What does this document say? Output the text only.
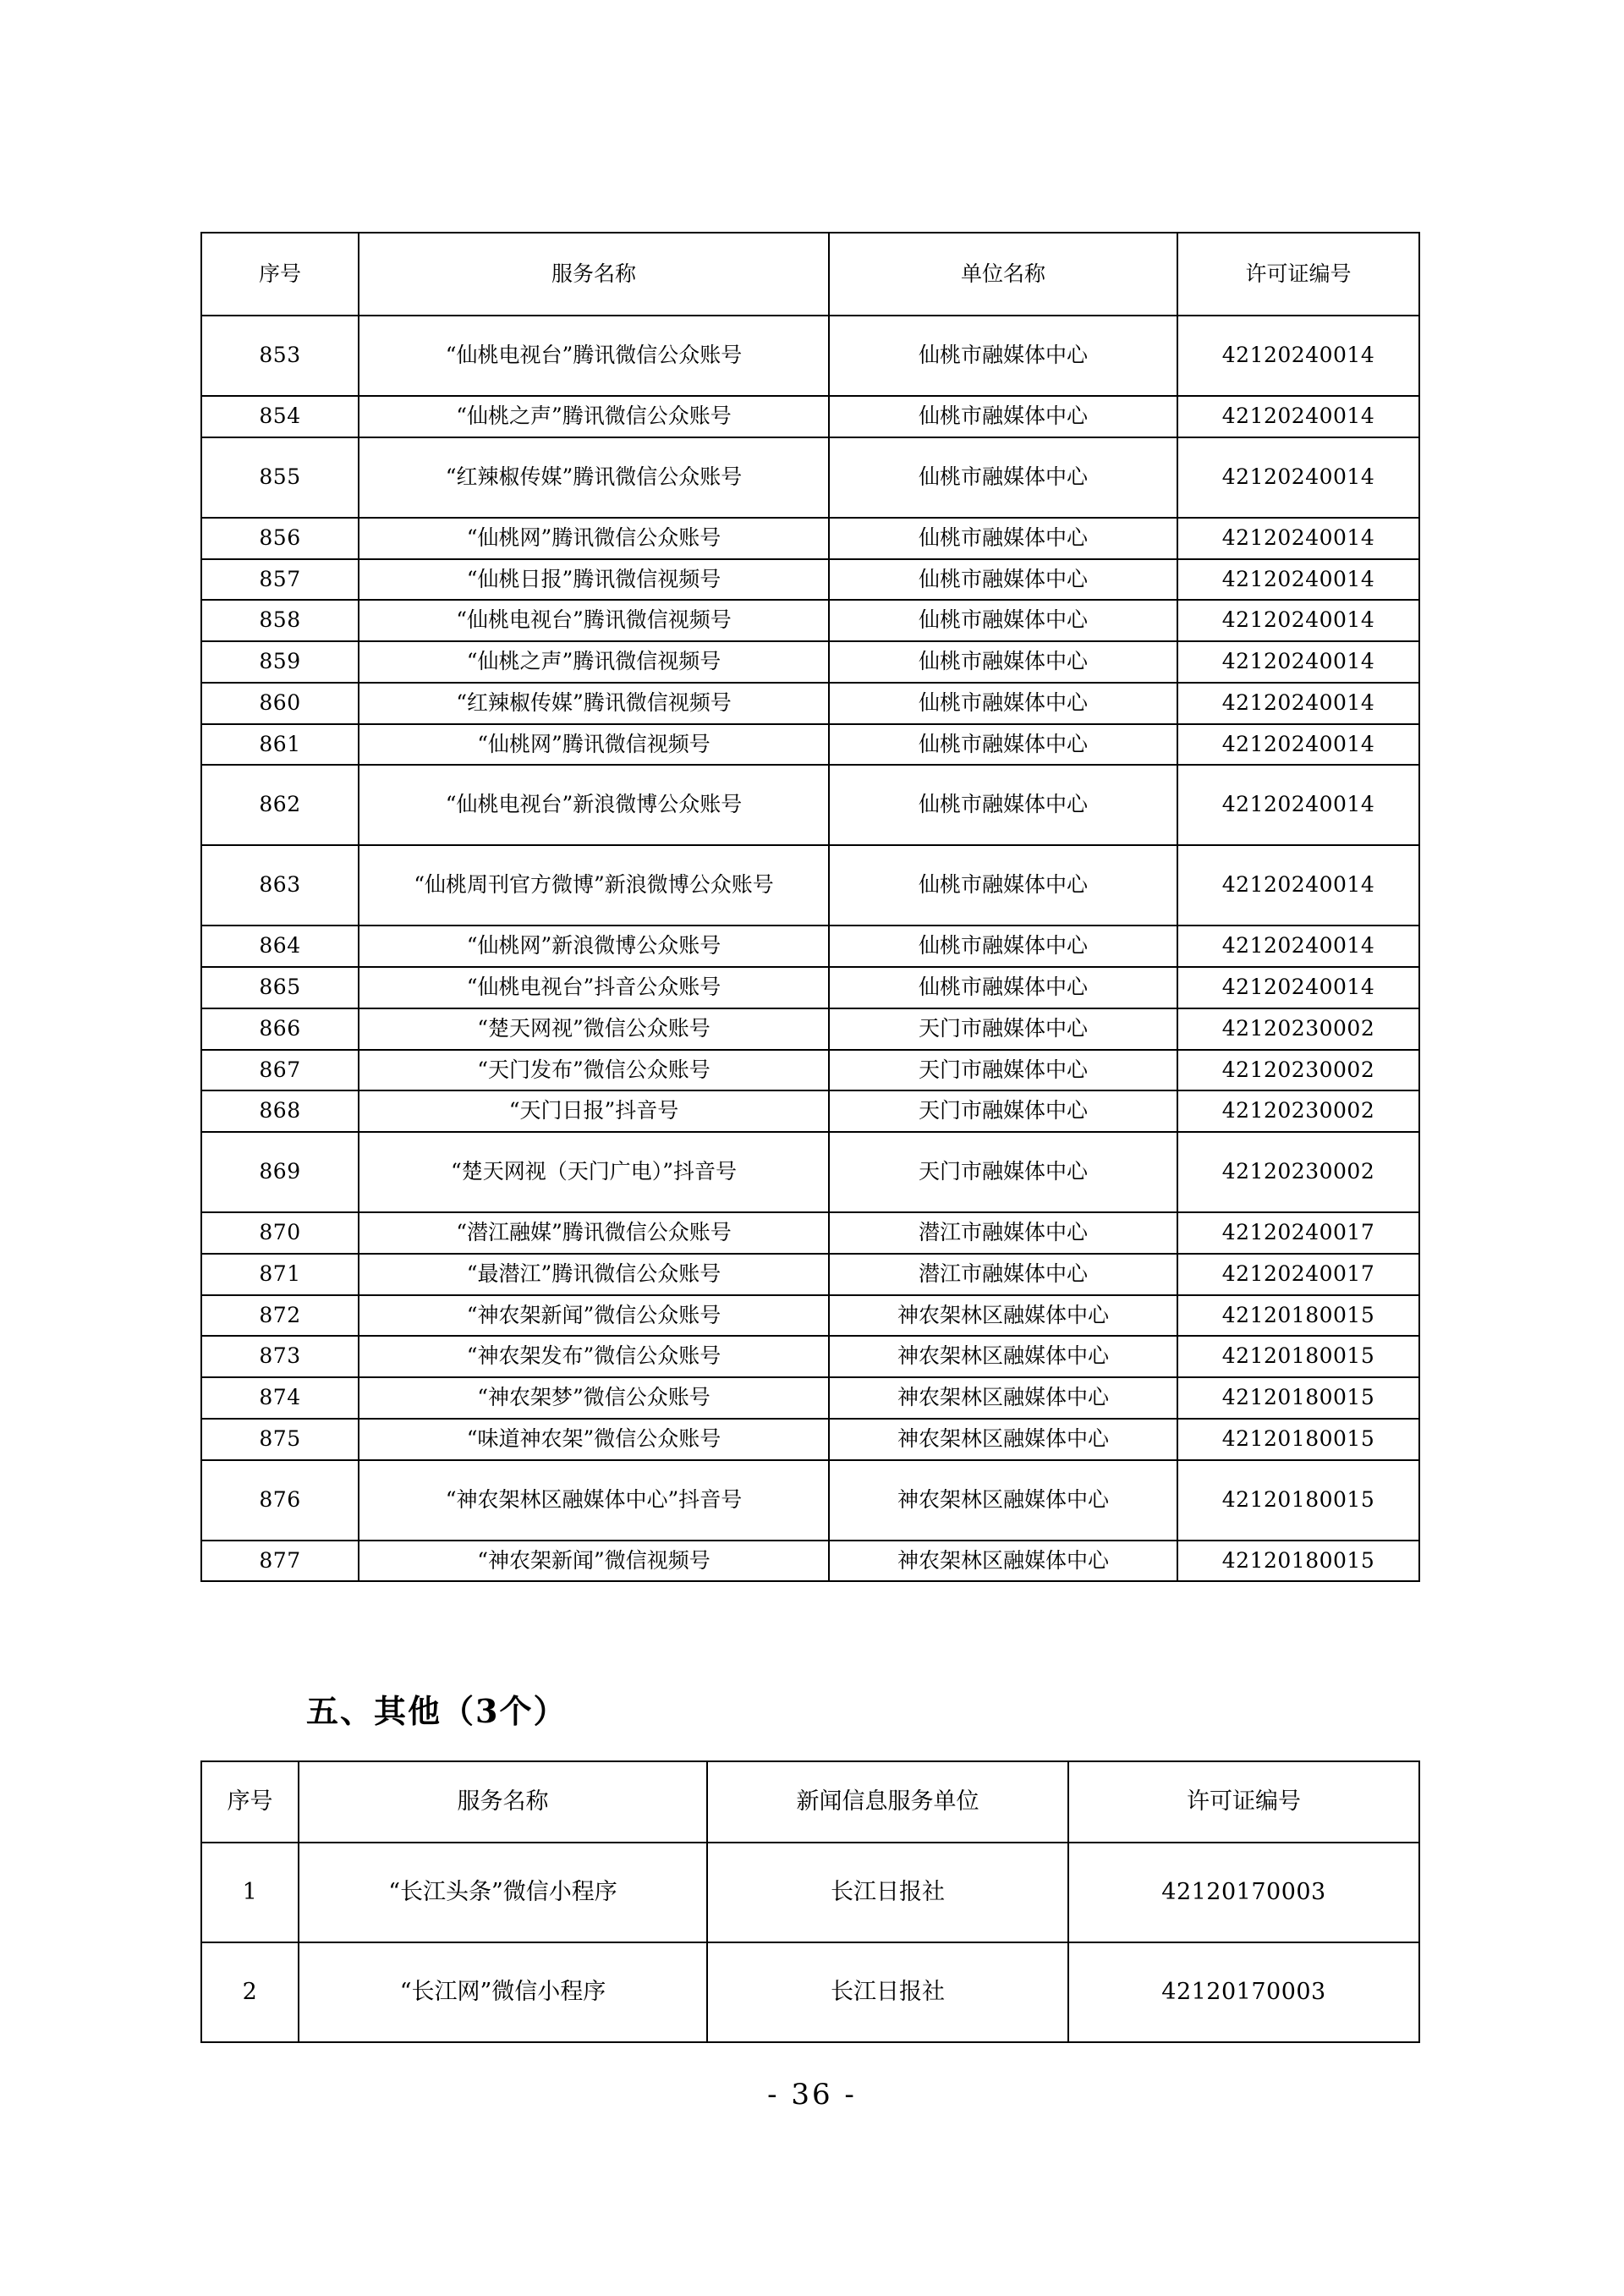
序号	服务名称	单位名称	许可证编号
853	“仙桃电视台”腾讯微信公众账号	仙桃市融媒体中心	42120240014
854	“仙桃之声”腾讯微信公众账号	仙桃市融媒体中心	42120240014
855	“红辣椒传媒”腾讯微信公众账号	仙桃市融媒体中心	42120240014
856	“仙桃网”腾讯微信公众账号	仙桃市融媒体中心	42120240014
857	“仙桃日报”腾讯微信视频号	仙桃市融媒体中心	42120240014
858	“仙桃电视台”腾讯微信视频号	仙桃市融媒体中心	42120240014
859	“仙桃之声”腾讯微信视频号	仙桃市融媒体中心	42120240014
860	“红辣椒传媒”腾讯微信视频号	仙桃市融媒体中心	42120240014
861	“仙桃网”腾讯微信视频号	仙桃市融媒体中心	42120240014
862	“仙桃电视台”新浪微博公众账号	仙桃市融媒体中心	42120240014
863	“仙桃周刊官方微博”新浪微博公众账号	仙桃市融媒体中心	42120240014
864	“仙桃网”新浪微博公众账号	仙桃市融媒体中心	42120240014
865	“仙桃电视台”抖音公众账号	仙桃市融媒体中心	42120240014
866	“楚天网视”微信公众账号	天门市融媒体中心	42120230002
867	“天门发布”微信公众账号	天门市融媒体中心	42120230002
868	“天门日报”抖音号	天门市融媒体中心	42120230002
869	“楚天网视（天门广电）”抖音号	天门市融媒体中心	42120230002
870	“潜江融媒”腾讯微信公众账号	潜江市融媒体中心	42120240017
871	“最潜江”腾讯微信公众账号	潜江市融媒体中心	42120240017
872	“神农架新闻”微信公众账号	神农架林区融媒体中心	42120180015
873	“神农架发布”微信公众账号	神农架林区融媒体中心	42120180015
874	“神农架梦”微信公众账号	神农架林区融媒体中心	42120180015
875	“味道神农架”微信公众账号	神农架林区融媒体中心	42120180015
876	“神农架林区融媒体中心”抖音号	神农架林区融媒体中心	42120180015
877	“神农架新闻”微信视频号	神农架林区融媒体中心	42120180015
五、其他（3个）
序号	服务名称	新闻信息服务单位	许可证编号
1	“长江头条”微信小程序	长江日报社	42120170003
2	“长江网”微信小程序	长江日报社	42120170003
- 36 -
